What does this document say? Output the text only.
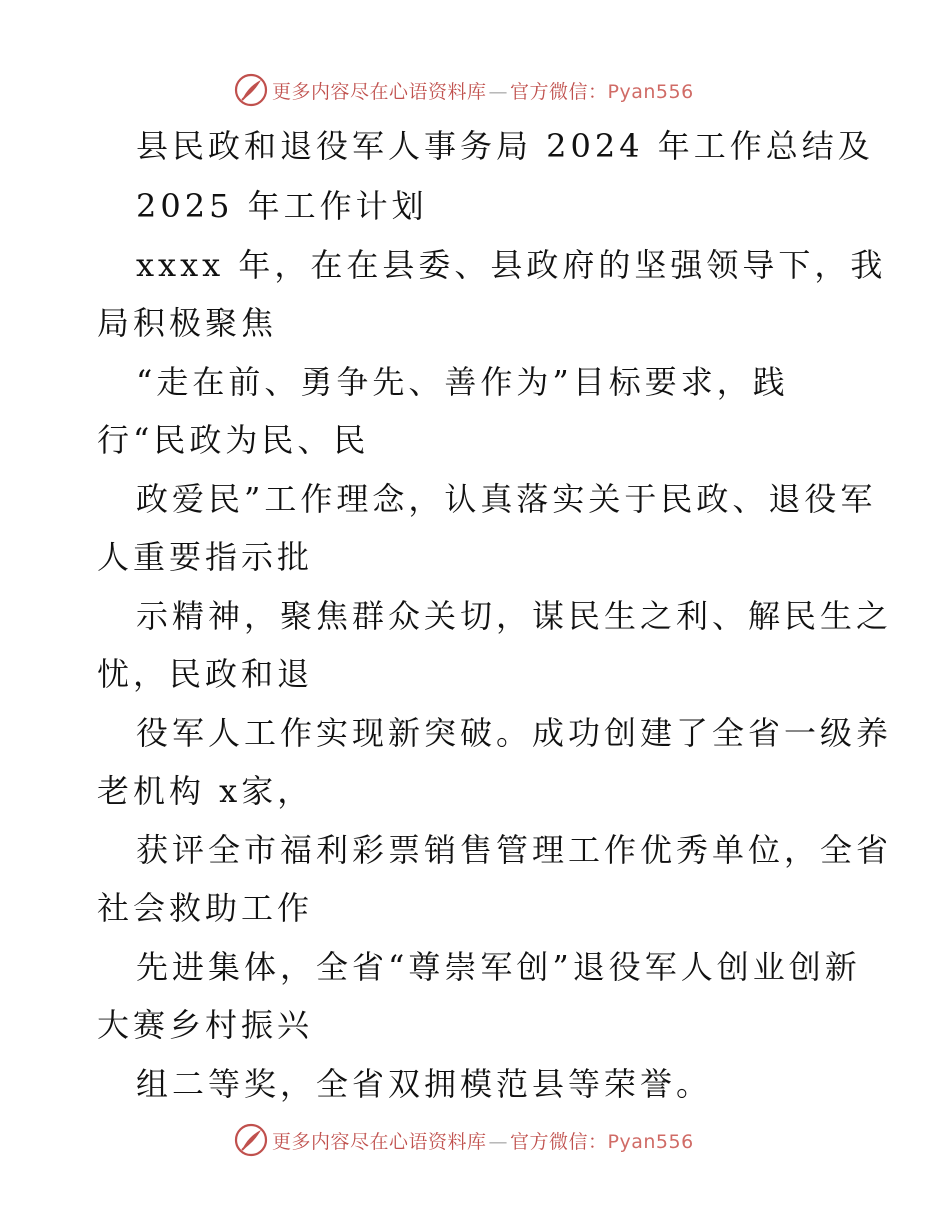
更多内容尽在心语资料库 — 官方微信：Pyan556
县民政和退役军人事务局 2024 年工作总结及
2025 年工作计划
xxxx 年，在在县委、县政府的坚强领导下，我
局积极聚焦
“走在前、勇争先、善作为”目标要求，践
行“民政为民、民
政爱民”工作理念，认真落实关于民政、退役军
人重要指示批
示精神，聚焦群众关切，谋民生之利、解民生之
忧，民政和退
役军人工作实现新突破。成功创建了全省一级养
老机构 x家，
获评全市福利彩票销售管理工作优秀单位，全省
社会救助工作
先进集体，全省“尊崇军创”退役军人创业创新
大赛乡村振兴
组二等奖，全省双拥模范县等荣誉。
更多内容尽在心语资料库 — 官方微信：Pyan556
